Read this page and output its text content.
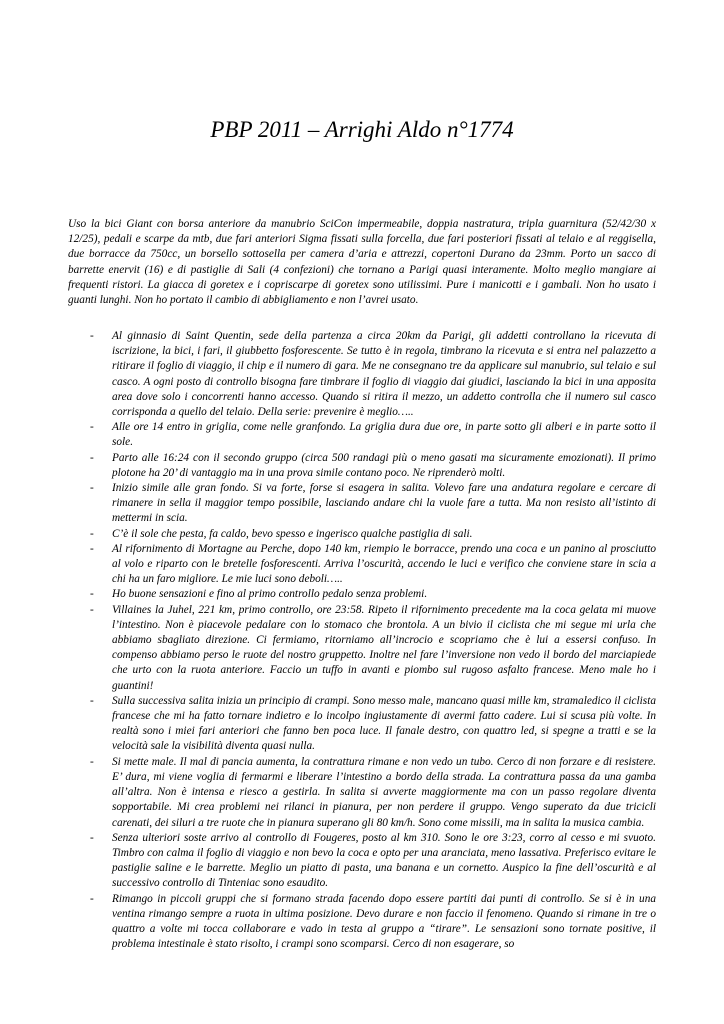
PBP 2011 – Arrighi Aldo n°1774

Uso la bici Giant con borsa anteriore da manubrio SciCon impermeabile, doppia nastratura, tripla guarnitura (52/42/30 x 12/25), pedali e scarpe da mtb, due fari anteriori Sigma fissati sulla forcella, due fari posteriori fissati al telaio e al reggisella, due borracce da 750cc, un borsello sottosella per camera d’aria e attrezzi, copertoni Durano da 23mm. Porto un sacco di barrette enervit (16) e di pastiglie di Sali (4 confezioni) che tornano a Parigi quasi interamente. Molto meglio mangiare ai frequenti ristori. La giacca di goretex e i copriscarpe di goretex sono utilissimi. Pure i manicotti e i gambali. Non ho usato i guanti lunghi. Non ho portato il cambio di abbigliamento e non l’avrei usato.

- Al ginnasio di Saint Quentin, sede della partenza a circa 20km da Parigi, gli addetti controllano la ricevuta di iscrizione, la bici, i fari, il giubbetto fosforescente. Se tutto è in regola, timbrano la ricevuta e si entra nel palazzetto a ritirare il foglio di viaggio, il chip e il numero di gara. Me ne consegnano tre da applicare sul manubrio, sul telaio e sul casco. A ogni posto di controllo bisogna fare timbrare il foglio di viaggio dai giudici, lasciando la bici in una apposita area dove solo i concorrenti hanno accesso. Quando si ritira il mezzo, un addetto controlla che il numero sul casco corrisponda a quello del telaio. Della serie: prevenire è meglio…..
- Alle ore 14 entro in griglia, come nelle granfondo. La griglia dura due ore, in parte sotto gli alberi e in parte sotto il sole.
- Parto alle 16:24 con il secondo gruppo (circa 500 randagi più o meno gasati ma sicuramente emozionati). Il primo plotone ha 20’ di vantaggio ma in una prova simile contano poco. Ne riprenderò molti.
- Inizio simile alle gran fondo. Si va forte, forse si esagera in salita. Volevo fare una andatura regolare e cercare di rimanere in sella il maggior tempo possibile, lasciando andare chi la vuole fare a tutta. Ma non resisto all’istinto di mettermi in scia.
- C’è il sole che pesta, fa caldo, bevo spesso e ingerisco qualche pastiglia di sali.
- Al rifornimento di Mortagne au Perche, dopo 140 km, riempio le borracce, prendo una coca e un panino al prosciutto al volo e riparto con le bretelle fosforescenti. Arriva l’oscurità, accendo le luci e verifico che conviene stare in scia a chi ha un faro migliore. Le mie luci sono deboli…..
- Ho buone sensazioni e fino al primo controllo pedalo senza problemi.
- Villaines la Juhel, 221 km, primo controllo, ore 23:58. Ripeto il rifornimento precedente ma la coca gelata mi muove l’intestino. Non è piacevole pedalare con lo stomaco che brontola. A un bivio il ciclista che mi segue mi urla che abbiamo sbagliato direzione. Ci fermiamo, ritorniamo all’incrocio e scopriamo che è lui a essersi confuso. In compenso abbiamo perso le ruote del nostro gruppetto. Inoltre nel fare l’inversione non vedo il bordo del marciapiede che urto con la ruota anteriore. Faccio un tuffo in avanti e piombo sul rugoso asfalto francese. Meno male ho i guantini!
- Sulla successiva salita inizia un principio di crampi. Sono messo male, mancano quasi mille km, stramaledico il ciclista francese che mi ha fatto tornare indietro e lo incolpo ingiustamente di avermi fatto cadere. Lui si scusa più volte. In realtà sono i miei fari anteriori che fanno ben poca luce. Il fanale destro, con quattro led, si spegne a tratti e se la velocità sale la visibilità diventa quasi nulla.
- Si mette male. Il mal di pancia aumenta, la contrattura rimane e non vedo un tubo. Cerco di non forzare e di resistere. E’ dura, mi viene voglia di fermarmi e liberare l’intestino a bordo della strada. La contrattura passa da una gamba all’altra. Non è intensa e riesco a gestirla. In salita si avverte maggiormente ma con un passo regolare diventa sopportabile. Mi crea problemi nei rilanci in pianura, per non perdere il gruppo. Vengo superato da due tricicli carenati, dei siluri a tre ruote che in pianura superano gli 80 km/h. Sono come missili, ma in salita la musica cambia.
- Senza ulteriori soste arrivo al controllo di Fougeres, posto al km 310. Sono le ore 3:23, corro al cesso e mi svuoto. Timbro con calma il foglio di viaggio e non bevo la coca e opto per una aranciata, meno lassativa. Preferisco evitare le pastiglie saline e le barrette. Meglio un piatto di pasta, una banana e un cornetto. Auspico la fine dell’oscurità e al successivo controllo di Tinteniac sono esaudito.
- Rimango in piccoli gruppi che si formano strada facendo dopo essere partiti dai punti di controllo. Se si è in una ventina rimango sempre a ruota in ultima posizione. Devo durare e non faccio il fenomeno. Quando si rimane in tre o quattro a volte mi tocca collaborare e vado in testa al gruppo a “tirare”. Le sensazioni sono tornate positive, il problema intestinale è stato risolto, i crampi sono scomparsi. Cerco di non esagerare, so
